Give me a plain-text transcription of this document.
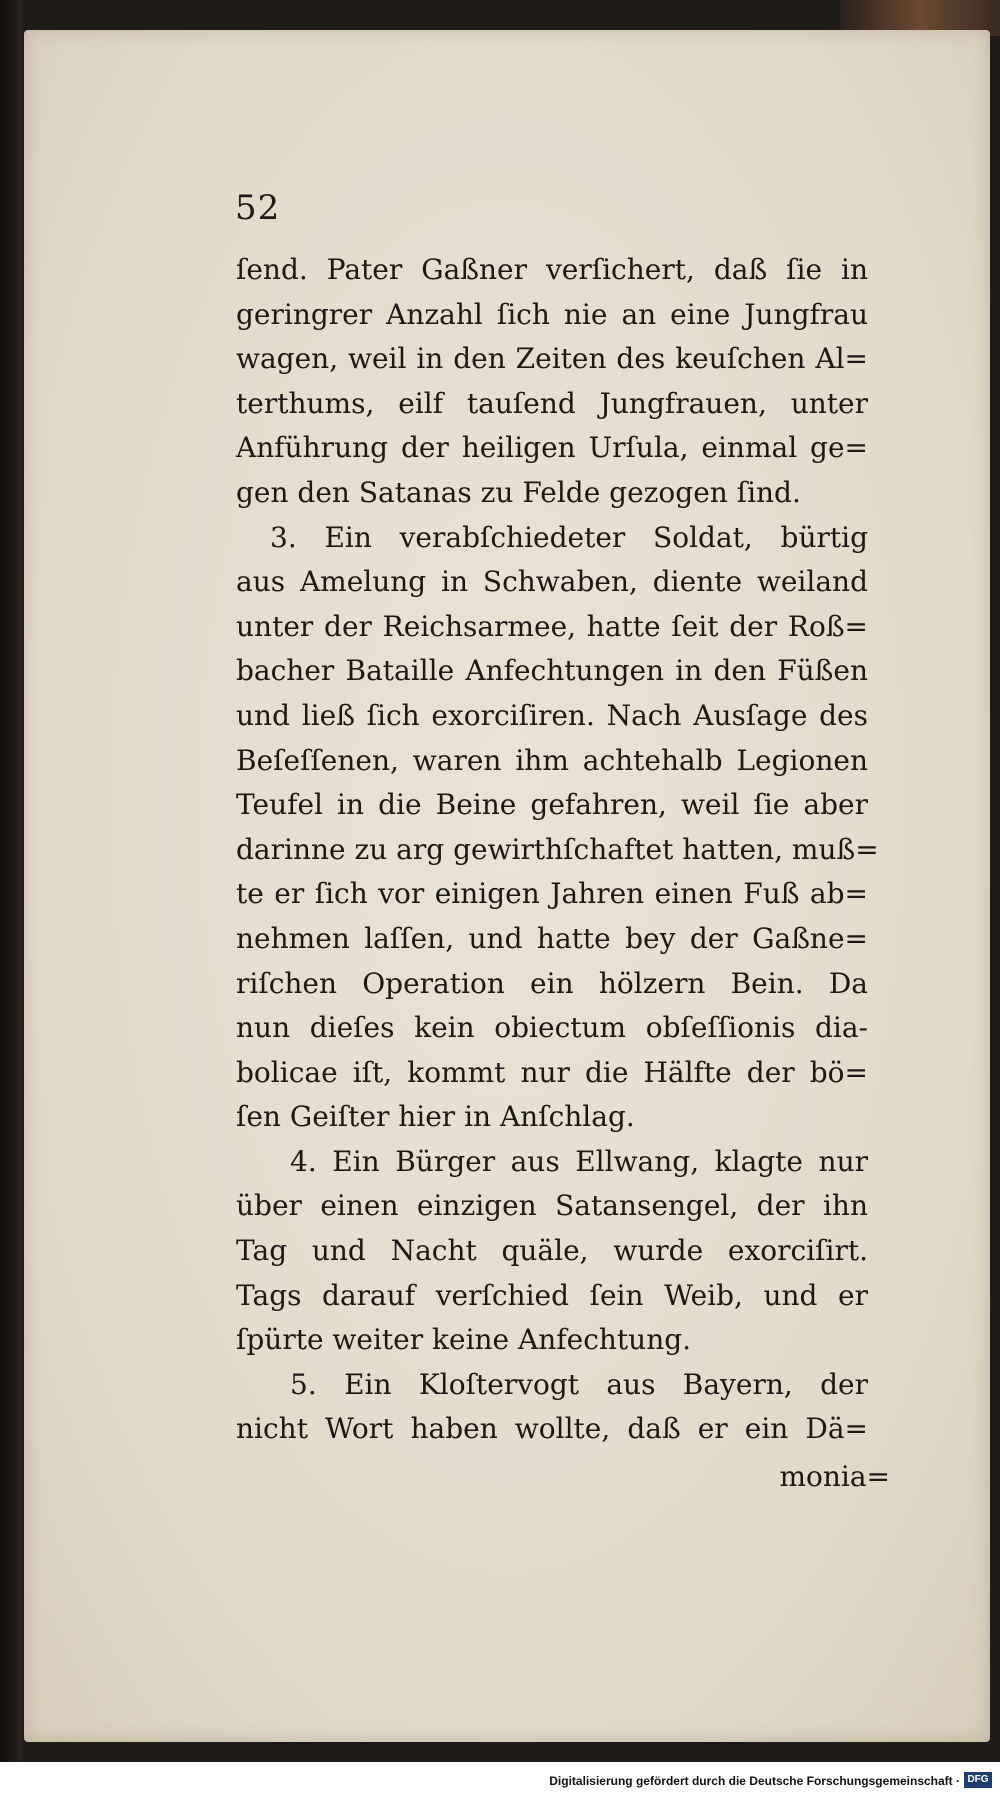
52
ſend. Pater Gaßner verſichert, daß ſie in
geringrer Anzahl ſich nie an eine Jungfrau
wagen, weil in den Zeiten des keuſchen Al=
terthums, eilf tauſend Jungfrauen, unter
Anführung der heiligen Urſula, einmal ge=
gen den Satanas zu Felde gezogen ſind.
3. Ein verabſchiedeter Soldat, bürtig
aus Amelung in Schwaben, diente weiland
unter der Reichsarmee, hatte ſeit der Roß=
bacher Bataille Anfechtungen in den Füßen
und ließ ſich exorciſiren. Nach Ausſage des
Beſeſſenen, waren ihm achtehalb Legionen
Teufel in die Beine gefahren, weil ſie aber
darinne zu arg gewirthſchaftet hatten, muß=
te er ſich vor einigen Jahren einen Fuß ab=
nehmen laſſen, und hatte bey der Gaßne=
riſchen Operation ein hölzern Bein. Da
nun dieſes kein obiectum obſeſſionis dia-
bolicae iſt, kommt nur die Hälfte der bö=
ſen Geiſter hier in Anſchlag.
4. Ein Bürger aus Ellwang, klagte nur
über einen einzigen Satansengel, der ihn
Tag und Nacht quäle, wurde exorciſirt.
Tags darauf verſchied ſein Weib, und er
ſpürte weiter keine Anfechtung.
5. Ein Kloſtervogt aus Bayern, der
nicht Wort haben wollte, daß er ein Dä=
monia=
Digitalisierung gefördert durch die Deutsche Forschungsgemeinschaft · DFG
